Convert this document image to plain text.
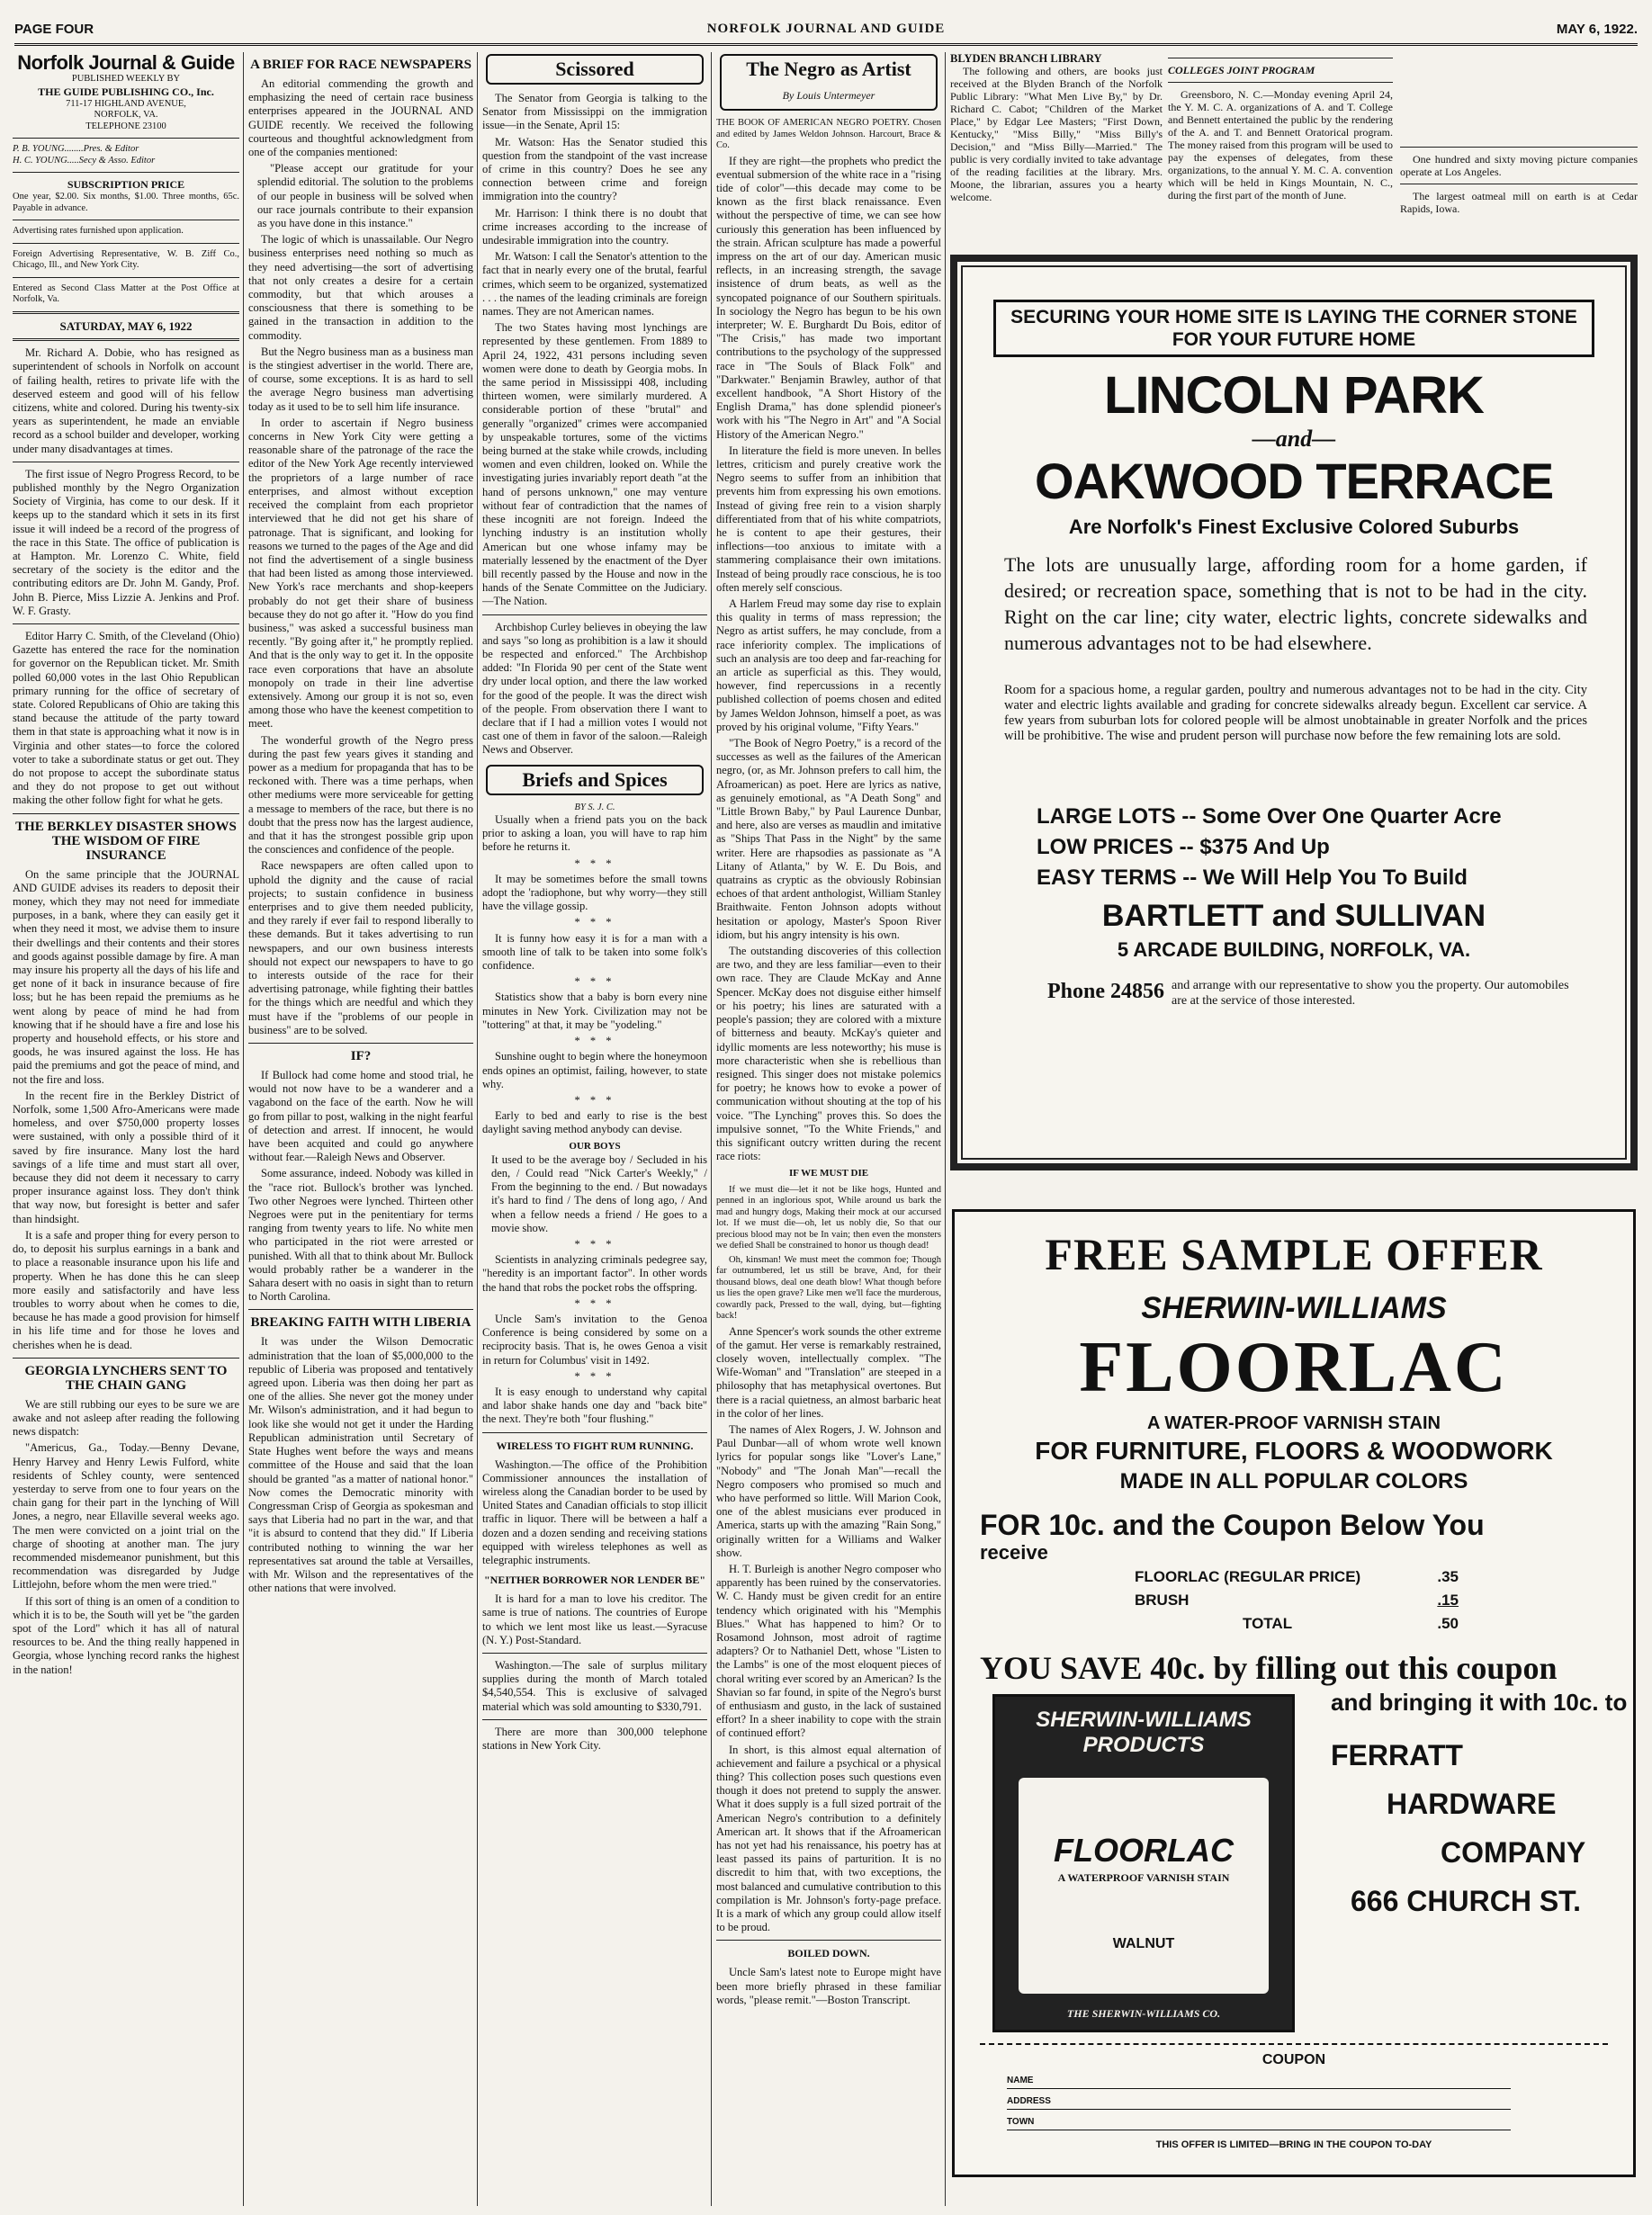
PAGE FOUR	NORFOLK JOURNAL AND GUIDE	MAY 6, 1922.
Norfolk Journal & Guide
PUBLISHED WEEKLY BY
THE GUIDE PUBLISHING CO., Inc.
711-17 HIGHLAND AVENUE,
NORFOLK, VA.
TELEPHONE 23100
P. B. YOUNG........Pres. & Editor
H. C. YOUNG.....Secy & Asso. Editor
SUBSCRIPTION PRICE
One year, $2.00. Six months, $1.00. Three months, 65c. Payable in advance.
Advertising rates furnished upon application.
Foreign Advertising Representative, W. B. Ziff Co., Chicago, Ill., and New York City.
Entered as Second Class Matter at the Post Office at Norfolk, Va.
SATURDAY, MAY 6, 1922

Mr. Richard A. Dobie, who has resigned as superintendent of schools in Norfolk on account of failing health, retires to private life with the deserved esteem and good will of his fellow citizens, white and colored. During his twenty-six years as superintendent, he made an enviable record as a school builder and developer, working under many disadvantages at times.

The first issue of Negro Progress Record, to be published monthly by the Negro Organization Society of Virginia, has come to our desk. If it keeps up to the standard which it sets in its first issue it will indeed be a record of the progress of the race in this State. The office of publication is at Hampton. Mr. Lorenzo C. White, field secretary of the society is the editor and the contributing editors are Dr. John M. Gandy, Prof. John B. Pierce, Miss Lizzie A. Jenkins and Prof. W. F. Grasty.

Editor Harry C. Smith, of the Cleveland (Ohio) Gazette has entered the race for the nomination for governor on the Republican ticket. Mr. Smith polled 60,000 votes in the last Ohio Republican primary running for the office of secretary of state. Colored Republicans of Ohio are taking this stand because the attitude of the party toward them in that state is approaching what it now is in Virginia and other states—to force the colored voter to take a subordinate status or get out. They do not propose to accept the subordinate status and they do not propose to get out without making the other follow fight for what he gets.

THE BERKLEY DISASTER SHOWS THE WISDOM OF FIRE INSURANCE

On the same principle that the JOURNAL AND GUIDE advises its readers to deposit their money, which they may not need for immediate purposes, in a bank, where they can easily get it when they need it most, we advise them to insure their dwellings and their contents and their stores and goods against possible damage by fire. A man may insure his property all the days of his life and get none of it back in insurance because of fire loss; but he has been repaid the premiums as he went along by peace of mind he had from knowing that if he should have a fire and lose his property and household effects, or his store and goods, he was insured against the loss. He has paid the premiums and got the peace of mind, and not the fire and loss.

In the recent fire in the Berkley District of Norfolk, some 1,500 Afro-Americans were made homeless, and over $750,000 property losses were sustained, with only a possible third of it saved by fire insurance. Many lost the hard savings of a life time and must start all over, because they did not deem it necessary to carry proper insurance against loss. They don't think that way now, but foresight is better and safer than hindsight.

It is a safe and proper thing for every person to do, to deposit his surplus earnings in a bank and to place a reasonable insurance upon his life and property. When he has done this he can sleep more easily and satisfactorily and have less troubles to worry about when he comes to die, because he has made a good provision for himself in his life time and for those he loves and cherishes when he is dead.

GEORGIA LYNCHERS SENT TO THE CHAIN GANG

We are still rubbing our eyes to be sure we are awake and not asleep after reading the following news dispatch:

"Americus, Ga., Today.—Benny Devane, Henry Harvey and Henry Lewis Fulford, white residents of Schley county, were sentenced yesterday to serve from one to four years on the chain gang for their part in the lynching of Will Jones, a negro, near Ellaville several weeks ago. The men were convicted on a joint trial on the charge of shooting at another man. The jury recommended misdemeanor punishment, but this recommendation was disregarded by Judge Littlejohn, before whom the men were tried."

If this sort of thing is an omen of a condition to which it is to be, the South will yet be "the garden spot of the Lord" which it has all of natural resources to be. And the thing really happened in Georgia, whose lynching record ranks the highest in the nation!

A BRIEF FOR RACE NEWSPAPERS

An editorial commending the growth and emphasizing the need of certain race business enterprises appeared in the JOURNAL AND GUIDE recently. We received the following courteous and thoughtful acknowledgment from one of the companies mentioned:

"Please accept our gratitude for your splendid editorial. The solution to the problems of our people in business will be solved when our race journals contribute to their expansion as you have done in this instance."

The logic of which is unassailable. Our Negro business enterprises need nothing so much as they need advertising—the sort of advertising that not only creates a desire for a certain commodity, but that which arouses a consciousness that there is something to be gained in the transaction in addition to the commodity.

But the Negro business man as a business man is the stingiest advertiser in the world. There are, of course, some exceptions. It is as hard to sell the average Negro business man advertising today as it used to be to sell him life insurance.

In order to ascertain if Negro business concerns in New York City were getting a reasonable share of the patronage of the race the editor of the New York Age recently interviewed the proprietors of a large number of race enterprises, and almost without exception received the complaint from each proprietor interviewed that he did not get his share of patronage. That is significant, and looking for reasons we turned to the pages of the Age and did not find the advertisement of a single business that had been listed as among those interviewed. New York's race merchants and shop-keepers probably do not get their share of business because they do not go after it. "How do you find business," was asked a successful business man recently. "By going after it," he promptly replied. And that is the only way to get it. In the opposite race even corporations that have an absolute monopoly on trade in their line advertise extensively. Among our group it is not so, even among those who have the keenest competition to meet.

The wonderful growth of the Negro press during the past few years gives it standing and power as a medium for propaganda that has to be reckoned with. There was a time perhaps, when other mediums were more serviceable for getting a message to members of the race, but there is no doubt that the press now has the largest audience, and that it has the strongest possible grip upon the consciences and confidence of the people.

Race newspapers are often called upon to uphold the dignity and the cause of racial projects; to sustain confidence in business enterprises and to give them needed publicity, and they rarely if ever fail to respond liberally to these demands. But it takes advertising to run newspapers, and our own business interests should not expect our newspapers to have to go to interests outside of the race for their advertising patronage, while fighting their battles for the things which are needful and which they must have if the "problems of our people in business" are to be solved.

IF?

If Bullock had come home and stood trial, he would not now have to be a wanderer and a vagabond on the face of the earth. Now he will go from pillar to post, walking in the night fearful of detection and arrest. If innocent, he would have been acquited and could go anywhere without fear.—Raleigh News and Observer.

Some assurance, indeed. Nobody was killed in the "race riot. Bullock's brother was lynched. Two other Negroes were lynched. Thirteen other Negroes were put in the penitentiary for terms ranging from twenty years to life. No white men who participated in the riot were arrested or punished. With all that to think about Mr. Bullock would probably rather be a wanderer in the Sahara desert with no oasis in sight than to return to North Carolina.

BREAKING FAITH WITH LIBERIA

It was under the Wilson Democratic administration that the loan of $5,000,000 to the republic of Liberia was proposed and tentatively agreed upon. Liberia was then doing her part as one of the allies. She never got the money under Mr. Wilson's administration, and it had begun to look like she would not get it under the Harding Republican administration until Secretary of State Hughes went before the ways and means committee of the House and said that the loan should be granted "as a matter of national honor." Now comes the Democratic minority with Congressman Crisp of Georgia as spokesman and says that Liberia had no part in the war, and that "it is absurd to contend that they did." If Liberia contributed nothing to winning the war her representatives sat around the table at Versailles, with Mr. Wilson and the representatives of the other nations that were involved.

Scissored

The Senator from Georgia is talking to the Senator from Mississippi on the immigration issue—in the Senate, April 15:

Mr. Watson: Has the Senator studied this question from the standpoint of the vast increase of crime in this country? Does he see any connection between crime and foreign immigration into the country?

Mr. Harrison: I think there is no doubt that crime increases according to the increase of undesirable immigration into the country.

Mr. Watson: I call the Senator's attention to the fact that in nearly every one of the brutal, fearful crimes, which seem to be organized, systematized . . . the names of the leading criminals are foreign names. They are not American names.

The two States having most lynchings are represented by these gentlemen. From 1889 to April 24, 1922, 431 persons including seven women were done to death by Georgia mobs. In the same period in Mississippi 408, including thirteen women, were similarly murdered. A considerable portion of these "brutal" and generally "organized" crimes were accompanied by unspeakable tortures, some of the victims being burned at the stake while crowds, including women and even children, looked on. While the investigating juries invariably report death "at the hand of persons unknown," one may venture without fear of contradiction that the names of these incogniti are not foreign. Indeed the lynching industry is an institution wholly American but one whose infamy may be materially lessened by the enactment of the Dyer bill recently passed by the House and now in the hands of the Senate Committee on the Judiciary.—The Nation.

Archbishop Curley believes in obeying the law and says "so long as prohibition is a law it should be respected and enforced." The Archbishop added: "In Florida 90 per cent of the State went dry under local option, and there the law worked for the good of the people. It was the direct wish of the people. From observation there I want to declare that if I had a million votes I would not cast one of them in favor of the saloon.—Raleigh News and Observer.

Briefs and Spices
BY S. J. C.

Usually when a friend pats you on the back prior to asking a loan, you will have to rap him before he returns it.

* * *

It may be sometimes before the small towns adopt the 'radiophone, but why worry—they still have the village gossip.

* * *

It is funny how easy it is for a man with a smooth line of talk to be taken into some folk's confidence.

* * *

Statistics show that a baby is born every nine minutes in New York. Civilization may not be "tottering" at that, it may be "yodeling."

* * *

Sunshine ought to begin where the honeymoon ends opines an optimist, failing, however, to state why.

* * *

Early to bed and early to rise is the best daylight saving method anybody can devise.

OUR BOYS

It used to be the average boy / Secluded in his den, / Could read "Nick Carter's Weekly," / From the beginning to the end. / But nowadays it's hard to find / The dens of long ago, / And when a fellow needs a friend / He goes to a movie show.

* * *

Scientists in analyzing criminals pedegree say, "heredity is an important factor". In other words the hand that robs the pocket robs the offspring.

* * *

Uncle Sam's invitation to the Genoa Conference is being considered by some on a reciprocity basis. That is, he owes Genoa a visit in return for Columbus' visit in 1492.

* * *

It is easy enough to understand why capital and labor shake hands one day and "back bite" the next. They're both "four flushing."

WIRELESS TO FIGHT RUM RUNNING.

Washington.—The office of the Prohibition Commissioner announces the installation of wireless along the Canadian border to be used by United States and Canadian officials to stop illicit traffic in liquor. There will be between a half a dozen and a dozen sending and receiving stations equipped with wireless telephones as well as telegraphic instruments.

"NEITHER BORROWER NOR LENDER BE"

It is hard for a man to love his creditor. The same is true of nations. The countries of Europe to which we lent most like us least.—Syracuse (N. Y.) Post-Standard.

Washington.—The sale of surplus military supplies during the month of March totaled $4,540,554. This is exclusive of salvaged material which was sold amounting to $330,791.

There are more than 300,000 telephone stations in New York City.

The Negro as Artist
By Louis Untermeyer

THE BOOK OF AMERICAN NEGRO POETRY. Chosen and edited by James Weldon Johnson. Harcourt, Brace & Co.

If they are right—the prophets who predict the eventual submersion of the white race in a "rising tide of color"—this decade may come to be known as the first black renaissance. Even without the perspective of time, we can see how curiously this generation has been influenced by the strain. African sculpture has made a powerful impress on the art of our day. American music reflects, in an increasing strength, the savage insistence of drum beats, as well as the syncopated poignance of our Southern spirituals. In sociology the Negro has begun to be his own interpreter; W. E. Burghardt Du Bois, editor of "The Crisis," has made two important contributions to the psychology of the suppressed race in "The Souls of Black Folk" and "Darkwater." Benjamin Brawley, author of that excellent handbook, "A Short History of the English Drama," has done splendid pioneer's work with his "The Negro in Art" and "A Social History of the American Negro."

In literature the field is more uneven. In belles lettres, criticism and purely creative work the Negro seems to suffer from an inhibition that prevents him from expressing his own emotions. Instead of giving free rein to a vision sharply differentiated from that of his white compatriots, he is content to ape their gestures, their inflections—too anxious to imitate with a stammering complaisance their own imitations. Instead of being proudly race conscious, he is too often merely self conscious.

A Harlem Freud may some day rise to explain this quality in terms of mass repression; the Negro as artist suffers, he may conclude, from a race inferiority complex. The implications of such an analysis are too deep and far-reaching for an article as superficial as this. They would, however, find repercussions in a recently published collection of poems chosen and edited by James Weldon Johnson, himself a poet, as was proved by his original volume, "Fifty Years."

"The Book of Negro Poetry," is a record of the successes as well as the failures of the American negro, (or, as Mr. Johnson prefers to call him, the Afroamerican) as poet. Here are lyrics as native, as genuinely emotional, as "A Death Song" and "Little Brown Baby," by Paul Laurence Dunbar, and here, also are verses as maudlin and imitative as "Ships That Pass in the Night" by the same writer. Here are rhapsodies as passionate as "A Litany of Atlanta," by W. E. Du Bois, and quatrains as cryptic as the obviously Robinsian echoes of that ardent anthologist, William Stanley Braithwaite. Fenton Johnson adopts without hesitation or apology, Master's Spoon River idiom, but his angry intensity is his own.

The outstanding discoveries of this collection are two, and they are less familiar—even to their own race. They are Claude McKay and Anne Spencer. McKay does not disguise either himself or his poetry; his lines are saturated with a people's passion; they are colored with a mixture of bitterness and beauty. McKay's quieter and idyllic moments are less noteworthy; his muse is more characteristic when she is rebellious than resigned. This singer does not mistake polemics for poetry; he knows how to evoke a power of communication without shouting at the top of his voice. "The Lynching" proves this. So does the impulsive sonnet, "To the White Friends," and this significant outcry written during the recent race riots:

IF WE MUST DIE

If we must die—let it not be like hogs, Hunted and penned in an inglorious spot, While around us bark the mad and hungry dogs, Making their mock at our accursed lot. If we must die—oh, let us nobly die, So that our precious blood may not be In vain; then even the monsters we defied Shall be constrained to honor us though dead!

Oh, kinsman! We must meet the common foe; Though far outnumbered, let us still be brave, And, for their thousand blows, deal one death blow! What though before us lies the open grave? Like men we'll face the murderous, cowardly pack, Pressed to the wall, dying, but—fighting back!

Anne Spencer's work sounds the other extreme of the gamut. Her verse is remarkably restrained, closely woven, intellectually complex. "The Wife-Woman" and "Translation" are steeped in a philosophy that has metaphysical overtones. But there is a racial quietness, an almost barbaric heat in the color of her lines.

The names of Alex Rogers, J. W. Johnson and Paul Dunbar—all of whom wrote well known lyrics for popular songs like "Lover's Lane," "Nobody" and "The Jonah Man"—recall the Negro composers who promised so much and who have performed so little. Will Marion Cook, one of the ablest musicians ever produced in America, starts up with the amazing "Rain Song," originally written for a Williams and Walker show.

H. T. Burleigh is another Negro composer who apparently has been ruined by the conservatories. W. C. Handy must be given credit for an entire tendency which originated with his "Memphis Blues." What has happened to him? Or to Rosamond Johnson, most adroit of ragtime adapters? Or to Nathaniel Dett, whose "Listen to the Lambs" is one of the most eloquent pieces of choral writing ever scored by an American? Is the Shavian so far found, in spite of the Negro's burst of enthusiasm and gusto, in the lack of sustained effort? In a sheer inability to cope with the strain of continued effort?

In short, is this almost equal alternation of achievement and failure a psychical or a physical thing? This collection poses such questions even though it does not pretend to supply the answer. What it does supply is a full sized portrait of the American Negro's contribution to a definitely American art. It shows that if the Afroamerican has not yet had his renaissance, his poetry has at least passed its pains of parturition. It is no discredit to him that, with two exceptions, the most balanced and cumulative contribution to this compilation is Mr. Johnson's forty-page preface. It is a mark of which any group could allow itself to be proud.

BOILED DOWN.

Uncle Sam's latest note to Europe might have been more briefly phrased in these familiar words, "please remit."—Boston Transcript.

BLYDEN BRANCH LIBRARY

The following and others, are books just received at the Blyden Branch of the Norfolk Public Library: "What Men Live By," by Dr. Richard C. Cabot; "Children of the Market Place," by Edgar Lee Masters; "First Down, Kentucky," "Miss Billy," "Miss Billy's Decision," and "Miss Billy—Married." The public is very cordially invited to take advantage of the reading facilities at the library. Mrs. Moone, the librarian, assures you a hearty welcome.

COLLEGES JOINT PROGRAM

Greensboro, N. C.—Monday evening April 24, the Y. M. C. A. organizations of A. and T. College and Bennett entertained the public by the rendering of the A. and T. and Bennett Oratorical program. The money raised from this program will be used to pay the expenses of delegates, from these organizations, to the annual Y. M. C. A. convention which will be held in Kings Mountain, N. C., during the first part of the month of June.

One hundred and sixty moving picture companies operate at Los Angeles.

The largest oatmeal mill on earth is at Cedar Rapids, Iowa.

SECURING YOUR HOME SITE IS LAYING THE CORNER STONE FOR YOUR FUTURE HOME
LINCOLN PARK
—and—
OAKWOOD TERRACE
Are Norfolk's Finest Exclusive Colored Suburbs
The lots are unusually large, affording room for a home garden, if desired; or recreation space, something that is not to be had in the city. Right on the car line; city water, electric lights, concrete sidewalks and numerous advantages not to be had elsewhere.
Room for a spacious home, a regular garden, poultry and numerous advantages not to be had in the city. City water and electric lights available and grading for concrete sidewalks already begun. Excellent car service. A few years from suburban lots for colored people will be almost unobtainable in greater Norfolk and the prices will be prohibitive. The wise and prudent person will purchase now before the few remaining lots are sold.
LARGE LOTS -- Some Over One Quarter Acre
LOW PRICES -- $375 And Up
EASY TERMS -- We Will Help You To Build
BARTLETT and SULLIVAN
5 ARCADE BUILDING, NORFOLK, VA.
Phone 24856 and arrange with our representative to show you the property. Our automobiles are at the service of those interested.
FREE SAMPLE OFFER
SHERWIN-WILLIAMS
FLOORLAC
A WATER-PROOF VARNISH STAIN
FOR FURNITURE, FLOORS & WOODWORK
MADE IN ALL POPULAR COLORS
FOR 10c. and the Coupon Below You
receive
FLOORLAC (REGULAR PRICE)	.35
BRUSH	.15
TOTAL	.50
YOU SAVE 40c. by filling out this coupon
and bringing it with 10c. to
FERRATT
HARDWARE
COMPANY
666 CHURCH ST.
SHERWIN-WILLIAMS PRODUCTS
FLOORLAC
A WATERPROOF VARNISH STAIN
WALNUT
THE SHERWIN-WILLIAMS CO.
COUPON
NAME
ADDRESS
TOWN
THIS OFFER IS LIMITED—BRING IN THE COUPON TO-DAY
